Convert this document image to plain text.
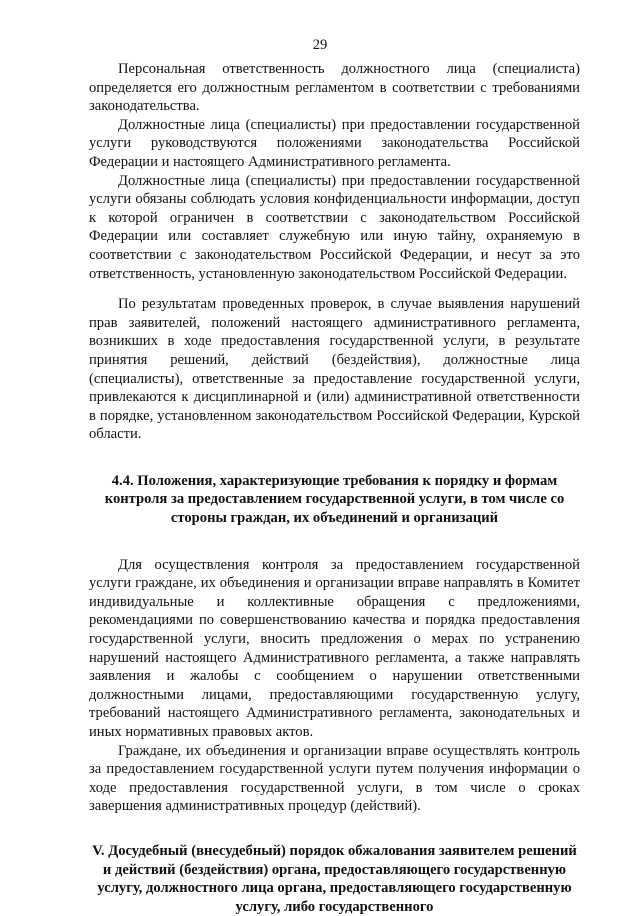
29

Персональная ответственность должностного лица (специалиста) определяется его должностным регламентом в соответствии с требованиями законодательства.

Должностные лица (специалисты) при предоставлении государственной услуги руководствуются положениями законодательства Российской Федерации и настоящего Административного регламента.

Должностные лица (специалисты) при предоставлении государственной услуги обязаны соблюдать условия конфиденциальности информации, доступ к которой ограничен в соответствии с законодательством Российской Федерации или составляет служебную или иную тайну, охраняемую в соответствии с законодательством Российской Федерации, и несут за это ответственность, установленную законодательством Российской Федерации.

По результатам проведенных проверок, в случае выявления нарушений прав заявителей, положений настоящего административного регламента, возникших в ходе предоставления государственной услуги, в результате принятия решений, действий (бездействия), должностные лица (специалисты), ответственные за предоставление государственной услуги, привлекаются к дисциплинарной и (или) административной ответственности в порядке, установленном законодательством Российской Федерации, Курской области.

4.4. Положения, характеризующие требования к порядку и формам контроля за предоставлением государственной услуги, в том числе со стороны граждан, их объединений и организаций

Для осуществления контроля за предоставлением государственной услуги граждане, их объединения и организации вправе направлять в Комитет индивидуальные и коллективные обращения с предложениями, рекомендациями по совершенствованию качества и порядка предоставления государственной услуги, вносить предложения о мерах по устранению нарушений настоящего Административного регламента, а также направлять заявления и жалобы с сообщением о нарушении ответственными должностными лицами, предоставляющими государственную услугу, требований настоящего Административного регламента, законодательных и иных нормативных правовых актов.

Граждане, их объединения и организации вправе осуществлять контроль за предоставлением государственной услуги путем получения информации о ходе предоставления государственной услуги, в том числе о сроках завершения административных процедур (действий).

V. Досудебный (внесудебный) порядок обжалования заявителем решений и действий (бездействия) органа, предоставляющего государственную услугу, должностного лица органа, предоставляющего государственную услугу, либо государственного
